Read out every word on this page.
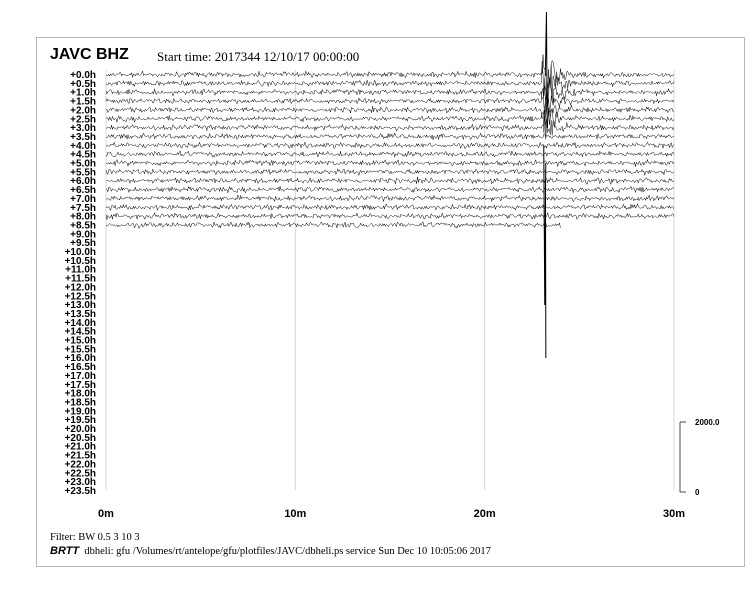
JAVC BHZ Start time: 2017344 12/10/17 00:00:00
+0.0h
+0.5h
+1.0h
+1.5h
+2.0h
+2.5h
+3.0h
+3.5h
+4.0h
+4.5h
+5.0h
+5.5h
+6.0h
+6.5h
+7.0h
+7.5h
+8.0h
+8.5h
+9.0h
+9.5h
+10.0h
+10.5h
+11.0h
+11.5h
+12.0h
+12.5h
+13.0h
+13.5h
+14.0h
+14.5h
+15.0h
+15.5h
+16.0h
+16.5h
+17.0h
+17.5h
+18.0h
+18.5h
+19.0h
+19.5h
+20.0h
+20.5h
+21.0h
+21.5h
+22.0h
+22.5h
+23.0h
+23.5h
0m	10m	20m	30m
2000.0
0
Filter: BW 0.5 3 10 3
BRTT dbheli: gfu /Volumes/rt/antelope/gfu/plotfiles/JAVC/dbheli.ps service Sun Dec 10 10:05:06 2017
